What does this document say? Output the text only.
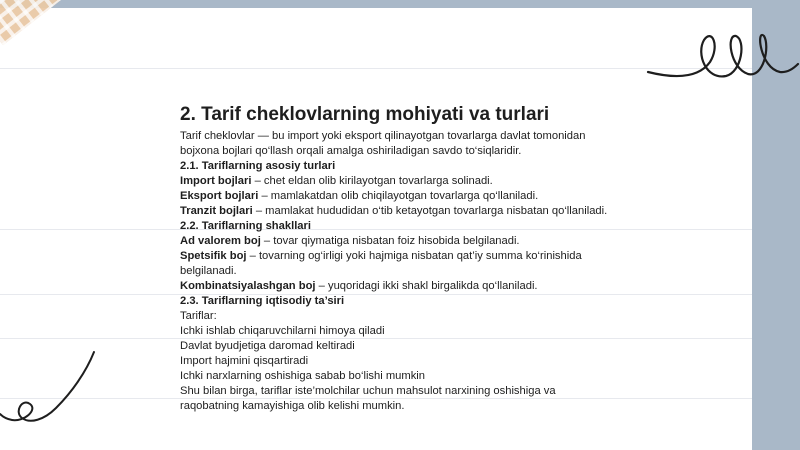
2. Tarif cheklovlarning mohiyati va turlari

Tarif cheklovlar — bu import yoki eksport qilinayotgan tovarlarga davlat tomonidan

bojxona bojlari qo‘llash orqali amalga oshiriladigan savdo to‘siqlaridir.

2.1. Tariflarning asosiy turlari

Import bojlari – chet eldan olib kirilayotgan tovarlarga solinadi.

Eksport bojlari – mamlakatdan olib chiqilayotgan tovarlarga qo‘llaniladi.

Tranzit bojlari – mamlakat hududidan o‘tib ketayotgan tovarlarga nisbatan qo‘llaniladi.

2.2. Tariflarning shakllari

Ad valorem boj – tovar qiymatiga nisbatan foiz hisobida belgilanadi.

Spetsifik boj – tovarning og‘irligi yoki hajmiga nisbatan qat’iy summa ko‘rinishida

belgilanadi.

Kombinatsiyalashgan boj – yuqoridagi ikki shakl birgalikda qo‘llaniladi.

2.3. Tariflarning iqtisodiy ta’siri

Tariflar:

Ichki ishlab chiqaruvchilarni himoya qiladi

Davlat byudjetiga daromad keltiradi

Import hajmini qisqartiradi

Ichki narxlarning oshishiga sabab bo‘lishi mumkin

Shu bilan birga, tariflar iste’molchilar uchun mahsulot narxining oshishiga va

raqobatning kamayishiga olib kelishi mumkin.
